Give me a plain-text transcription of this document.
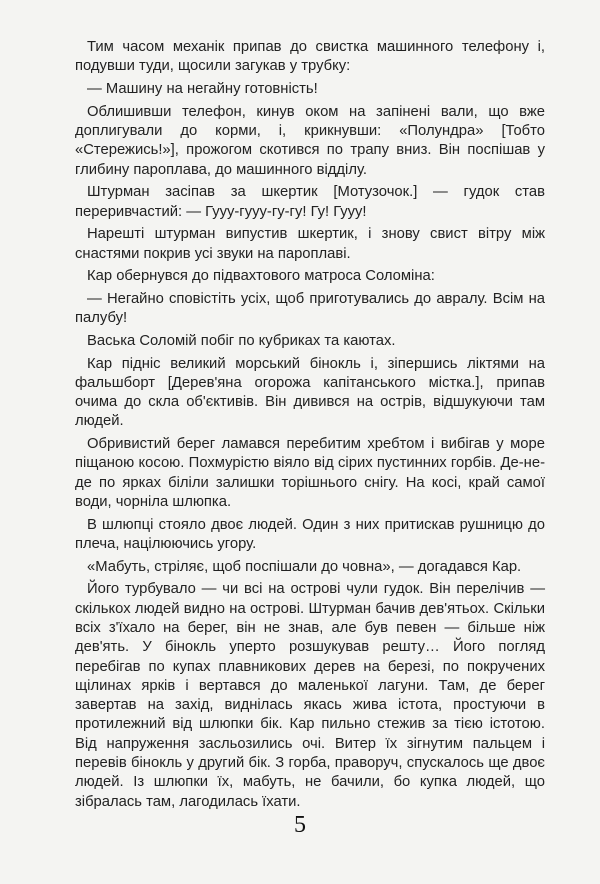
Тим часом механік припав до свистка машинного телефону і, подувши туди, щосили загукав у трубку:

— Машину на негайну готовність!

Облишивши телефон, кинув оком на запінені вали, що вже доплигували до корми, і, крикнувши: «Полундра» [Тобто «Стережись!»], прожогом скотився по трапу вниз. Він поспішав у глибину пароплава, до машинного відділу.

Штурман засіпав за шкертик [Мотузочок.] — гудок став переривчастий: — Гууу-гууу-гу-гу! Гу! Гууу!

Нарешті штурман випустив шкертик, і знову свист вітру між снастями покрив усі звуки на пароплаві.

Кар обернувся до підвахтового матроса Соломіна:

— Негайно сповістіть усіх, щоб приготувались до авралу. Всім на палубу!

Васька Соломій побіг по кубриках та каютах.

Кар підніс великий морський бінокль і, зіпершись ліктями на фальшборт [Дерев'яна огорожа капітанського містка.], припав очима до скла об'єктивів. Він дивився на острів, відшукуючи там людей.

Обривистий берег ламався перебитим хребтом і вибігав у море піщаною косою. Похмурістю віяло від сірих пустинних горбів. Де-не-де по ярках біліли залишки торішнього снігу. На косі, край самої води, чорніла шлюпка.

В шлюпці стояло двоє людей. Один з них притискав рушницю до плеча, націлюючись угору.

«Мабуть, стріляє, щоб поспішали до човна», — догадався Кар.

Його турбувало — чи всі на острові чули гудок. Він перелічив — скількох людей видно на острові. Штурман бачив дев'ятьох. Скільки всіх з'їхало на берег, він не знав, але був певен — більше ніж дев'ять. У бінокль уперто розшукував решту… Його погляд перебігав по купах плавникових дерев на березі, по покручених щілинах ярків і вертався до маленької лагуни. Там, де берег завертав на захід, виднілась якась жива істота, простуючи в протилежний від шлюпки бік. Кар пильно стежив за тією істотою. Від напруження зaсльозились очі. Витер їх зігнутим пальцем і перевів бінокль у другий бік. З горба, праворуч, спускалось ще двоє людей. Із шлюпки їх, мабуть, не бачили, бо купка людей, що зібралась там, лагодилась їхати.

5
